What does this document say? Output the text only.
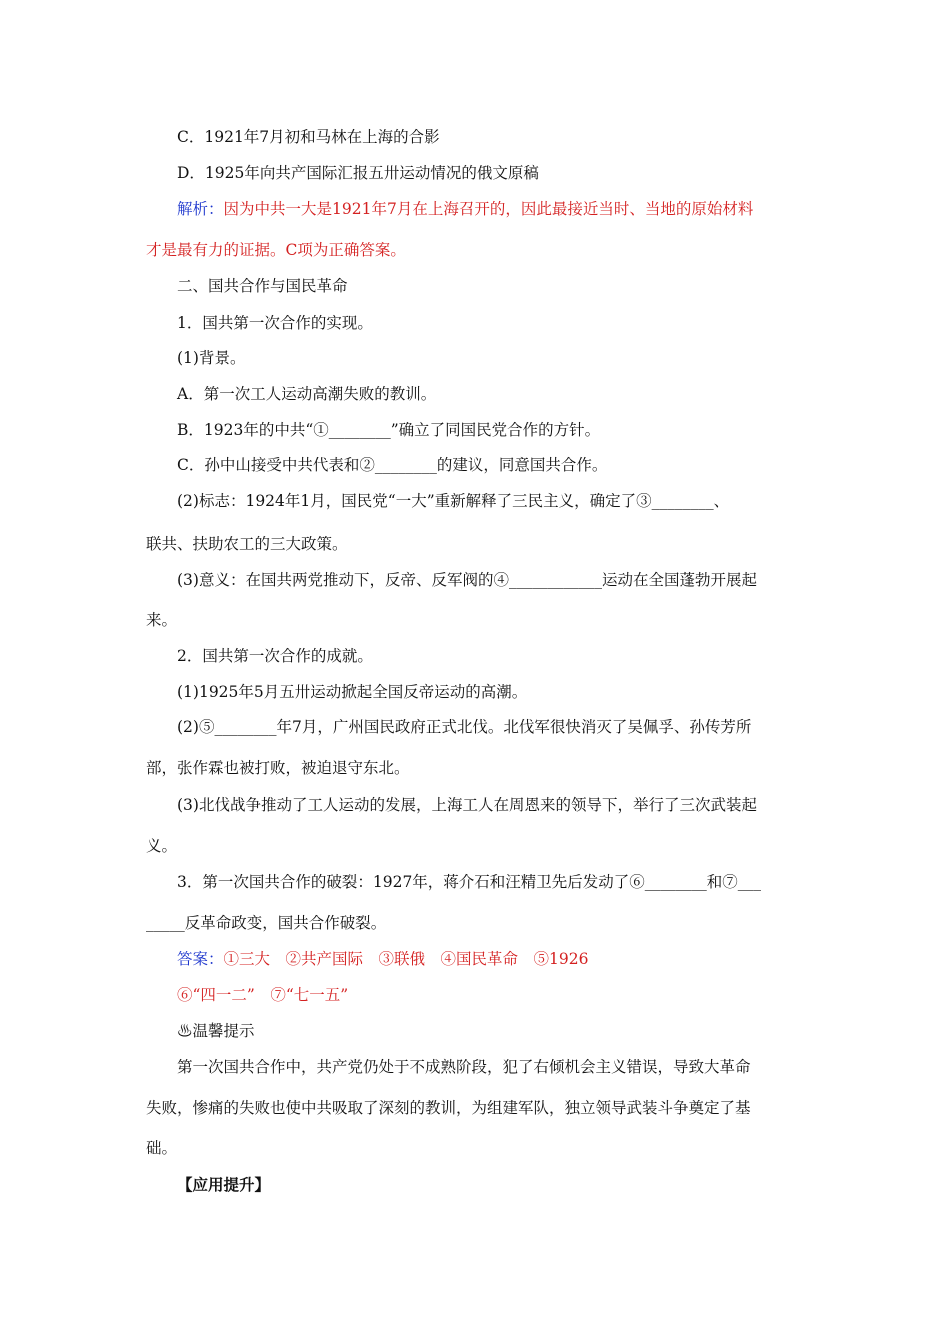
C．1921年7月初和马林在上海的合影
D．1925年向共产国际汇报五卅运动情况的俄文原稿
解析：因为中共一大是1921年7月在上海召开的，因此最接近当时、当地的原始材料
才是最有力的证据。C项为正确答案。
二、国共合作与国民革命
1．国共第一次合作的实现。
(1)背景。
A．第一次工人运动高潮失败的教训。
B．1923年的中共“①________”确立了同国民党合作的方针。
C．孙中山接受中共代表和②________的建议，同意国共合作。
(2)标志：1924年1月，国民党“一大”重新解释了三民主义，确定了③________、
联共、扶助农工的三大政策。
(3)意义：在国共两党推动下，反帝、反军阀的④____________运动在全国蓬勃开展起
来。
2．国共第一次合作的成就。
(1)1925年5月五卅运动掀起全国反帝运动的高潮。
(2)⑤________年7月，广州国民政府正式北伐。北伐军很快消灭了吴佩孚、孙传芳所
部，张作霖也被打败，被迫退守东北。
(3)北伐战争推动了工人运动的发展，上海工人在周恩来的领导下，举行了三次武装起
义。
3．第一次国共合作的破裂：1927年，蒋介石和汪精卫先后发动了⑥________和⑦___
_____反革命政变，国共合作破裂。
答案：①三大　②共产国际　③联俄　④国民革命　⑤1926
⑥“四一二”　⑦“七一五”
♨温馨提示
第一次国共合作中，共产党仍处于不成熟阶段，犯了右倾机会主义错误，导致大革命
失败，惨痛的失败也使中共吸取了深刻的教训，为组建军队，独立领导武装斗争奠定了基
础。
【应用提升】
